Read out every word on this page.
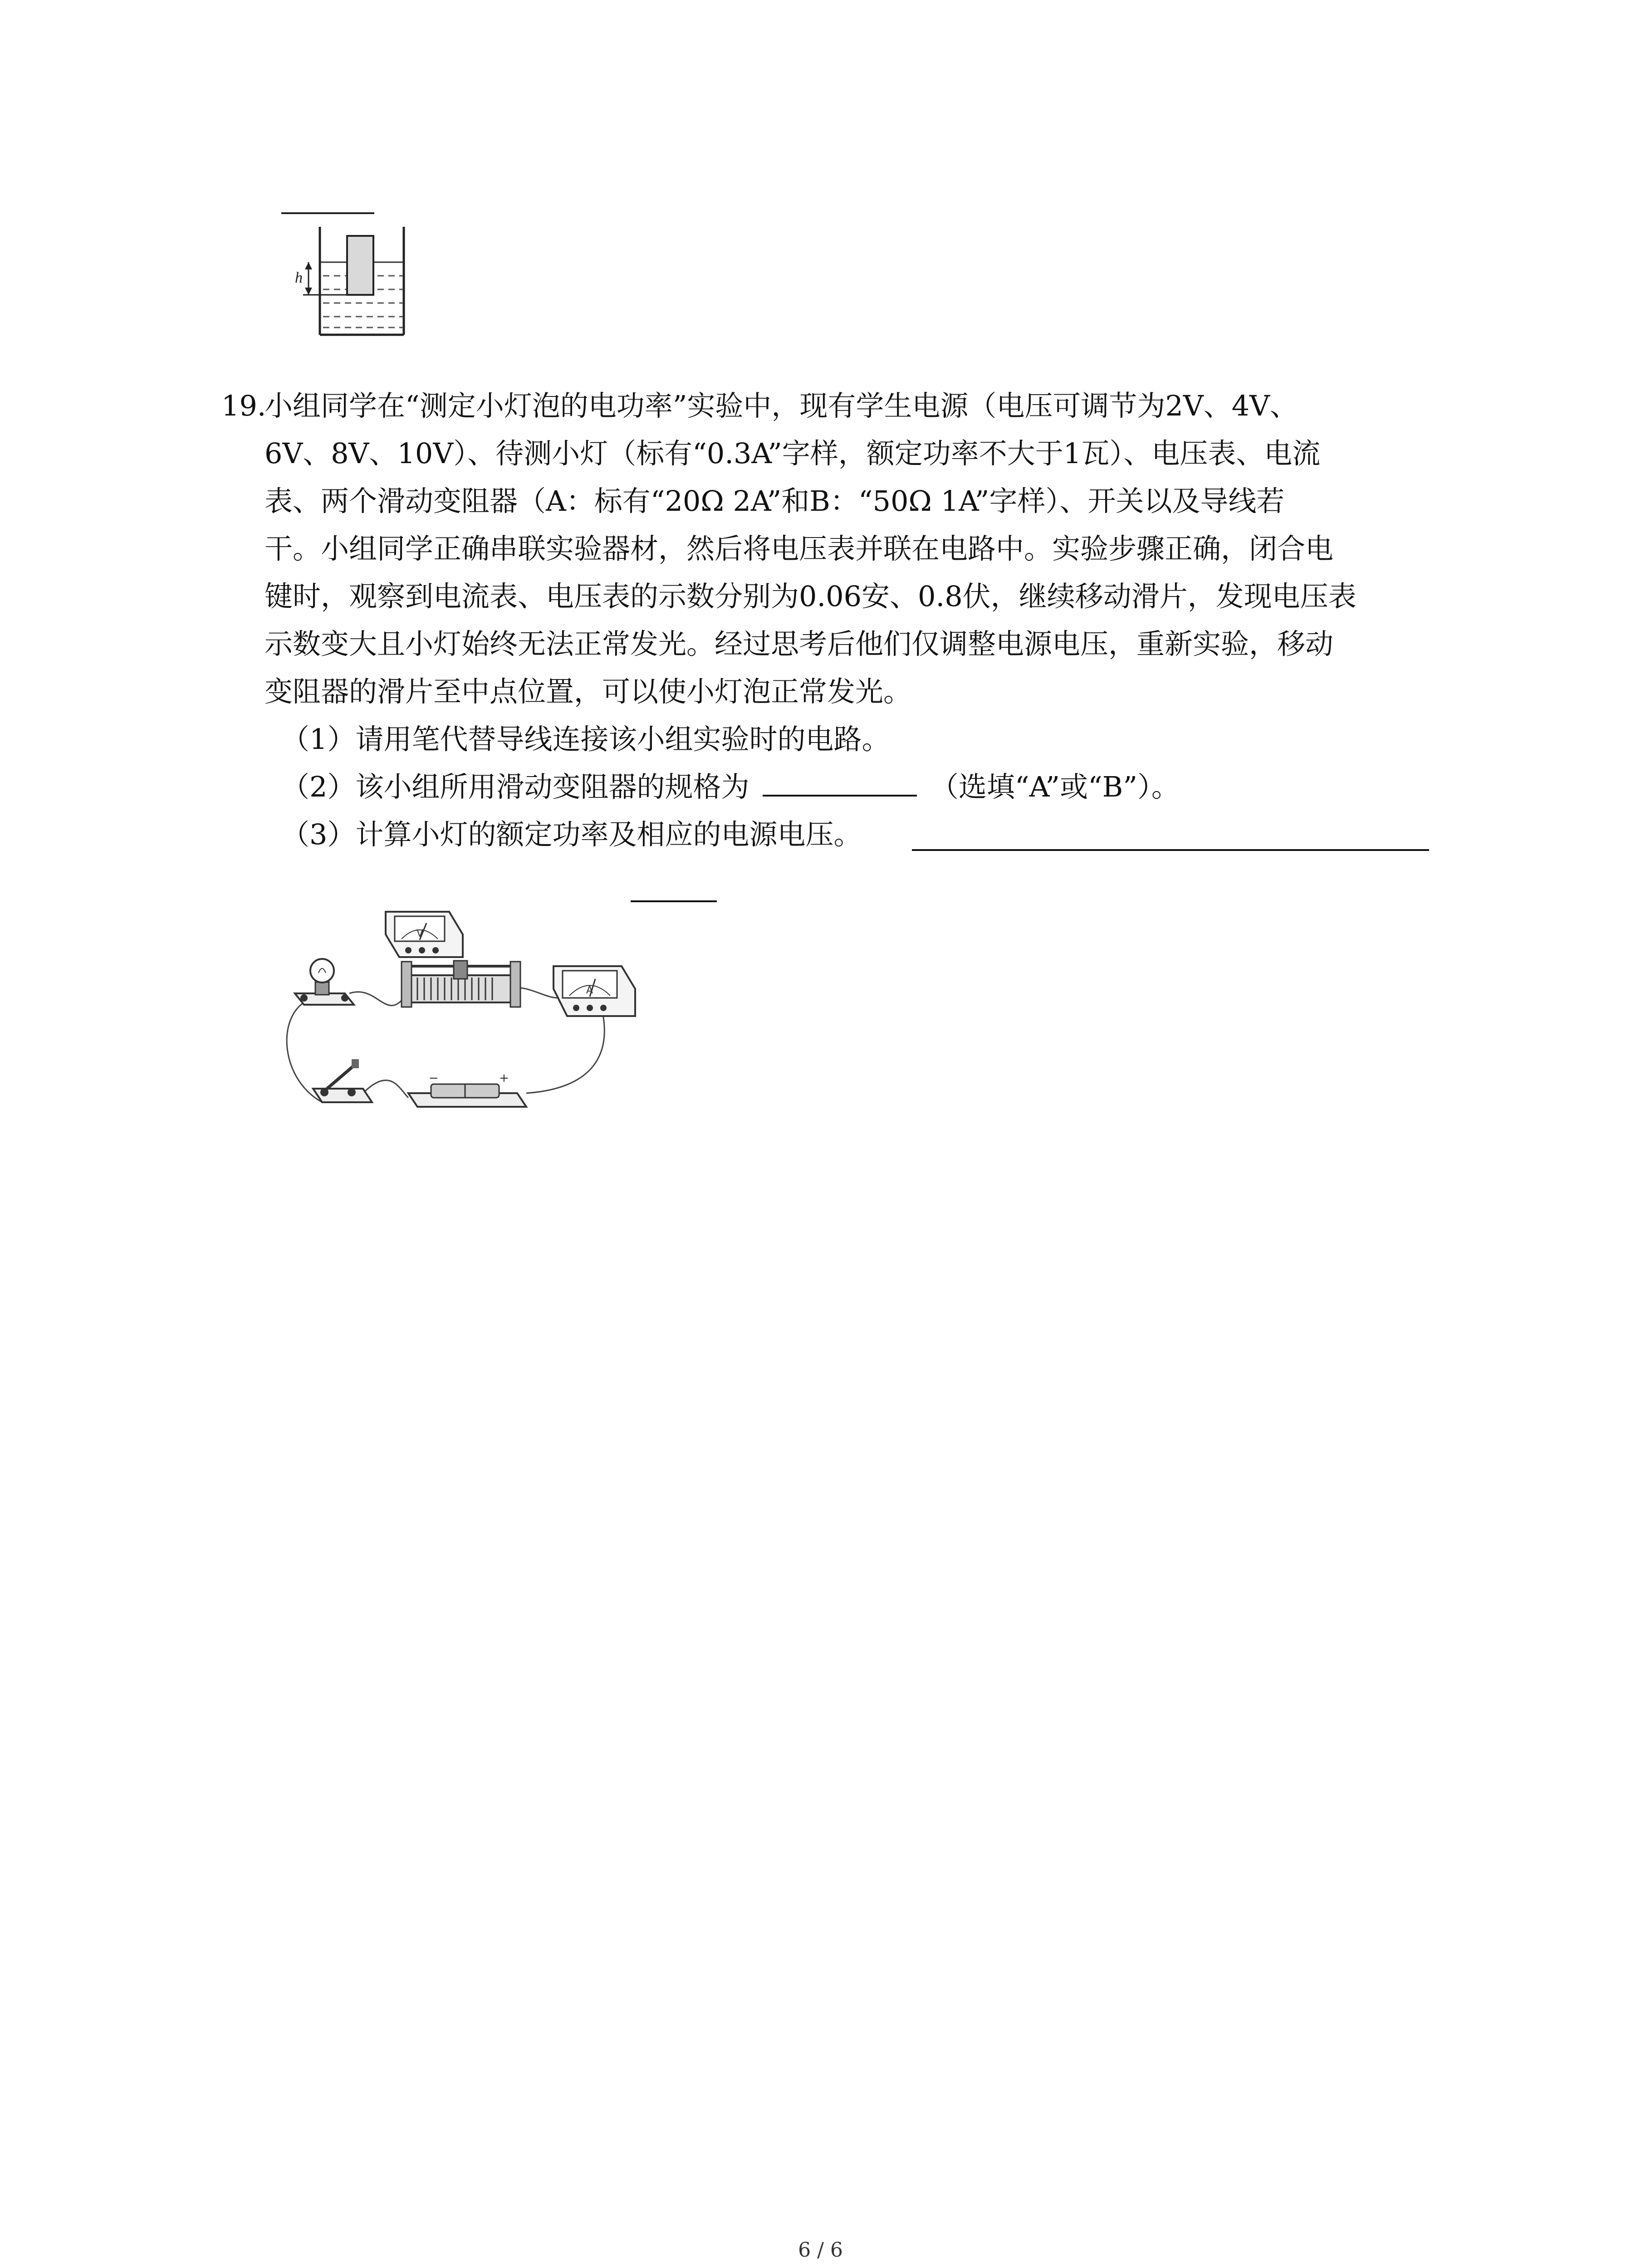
h
19.
小组同学在“测定小灯泡的电功率”实验中，现有学生电源（电压可调节为2V、4V、
6V、8V、10V）、待测小灯（标有“0.3A”字样，额定功率不大于1瓦）、电压表、电流
表、两个滑动变阻器（A：标有“20Ω 2A”和B：“50Ω 1A”字样）、开关以及导线若
干。小组同学正确串联实验器材，然后将电压表并联在电路中。实验步骤正确，闭合电
键时，观察到电流表、电压表的示数分别为0.06安、0.8伏，继续移动滑片，发现电压表
示数变大且小灯始终无法正常发光。经过思考后他们仅调整电源电压，重新实验，移动
变阻器的滑片至中点位置，可以使小灯泡正常发光。
（1）请用笔代替导线连接该小组实验时的电路。
（2）该小组所用滑动变阻器的规格为	（选填“A”或“B”）。
（3）计算小灯的额定功率及相应的电源电压。
V
A
−	+
6 / 6
